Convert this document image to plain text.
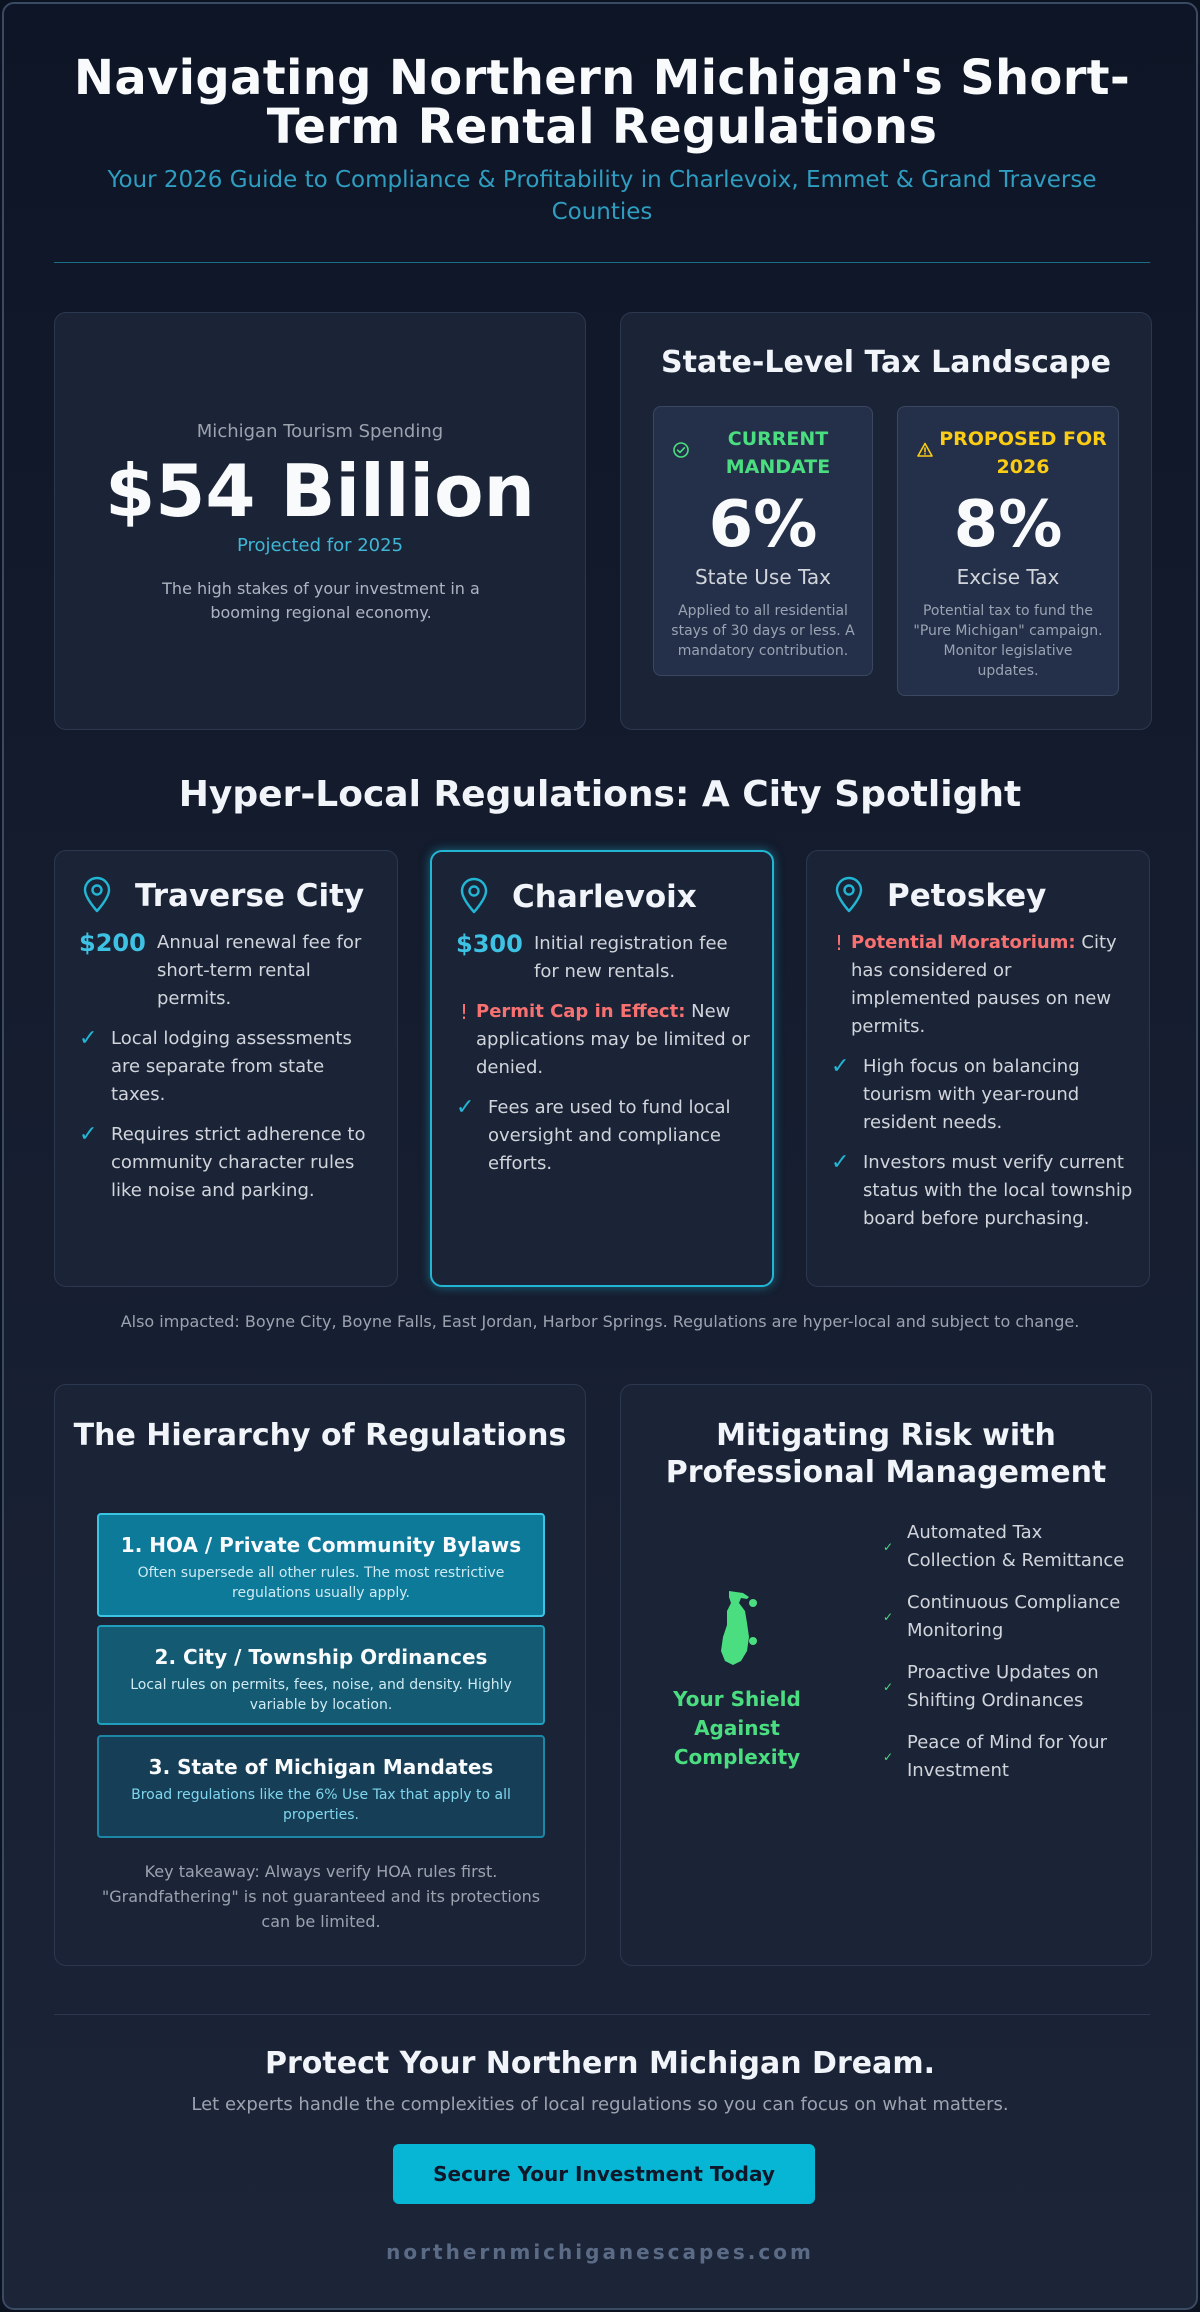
Navigating Northern Michigan's Short-Term Rental Regulations
Your 2026 Guide to Compliance & Profitability in Charlevoix, Emmet & Grand Traverse Counties
Michigan Tourism Spending
$54 Billion
Projected for 2025
The high stakes of your investment in a booming regional economy.
State-Level Tax Landscape
CURRENT MANDATE
6%
State Use Tax
Applied to all residential stays of 30 days or less. A mandatory contribution.
PROPOSED FOR 2026
8%
Excise Tax
Potential tax to fund the "Pure Michigan" campaign. Monitor legislative updates.
Hyper-Local Regulations: A City Spotlight
Traverse City
$200 Annual renewal fee for short-term rental permits.
✓ Local lodging assessments are separate from state taxes.
✓ Requires strict adherence to community character rules like noise and parking.
Charlevoix
$300 Initial registration fee for new rentals.
! Permit Cap in Effect: New applications may be limited or denied.
✓ Fees are used to fund local oversight and compliance efforts.
Petoskey
! Potential Moratorium: City has considered or implemented pauses on new permits.
✓ High focus on balancing tourism with year-round resident needs.
✓ Investors must verify current status with the local township board before purchasing.
Also impacted: Boyne City, Boyne Falls, East Jordan, Harbor Springs. Regulations are hyper-local and subject to change.
The Hierarchy of Regulations
1. HOA / Private Community Bylaws
Often supersede all other rules. The most restrictive regulations usually apply.
2. City / Township Ordinances
Local rules on permits, fees, noise, and density. Highly variable by location.
3. State of Michigan Mandates
Broad regulations like the 6% Use Tax that apply to all properties.
Key takeaway: Always verify HOA rules first. "Grandfathering" is not guaranteed and its protections can be limited.
Mitigating Risk with Professional Management
Your Shield Against Complexity
✓
Automated Tax Collection & Remittance
✓
Continuous Compliance Monitoring
✓
Proactive Updates on Shifting Ordinances
✓
Peace of Mind for Your Investment
Protect Your Northern Michigan Dream.
Let experts handle the complexities of local regulations so you can focus on what matters.
Secure Your Investment Today
northernmichiganescapes.com
